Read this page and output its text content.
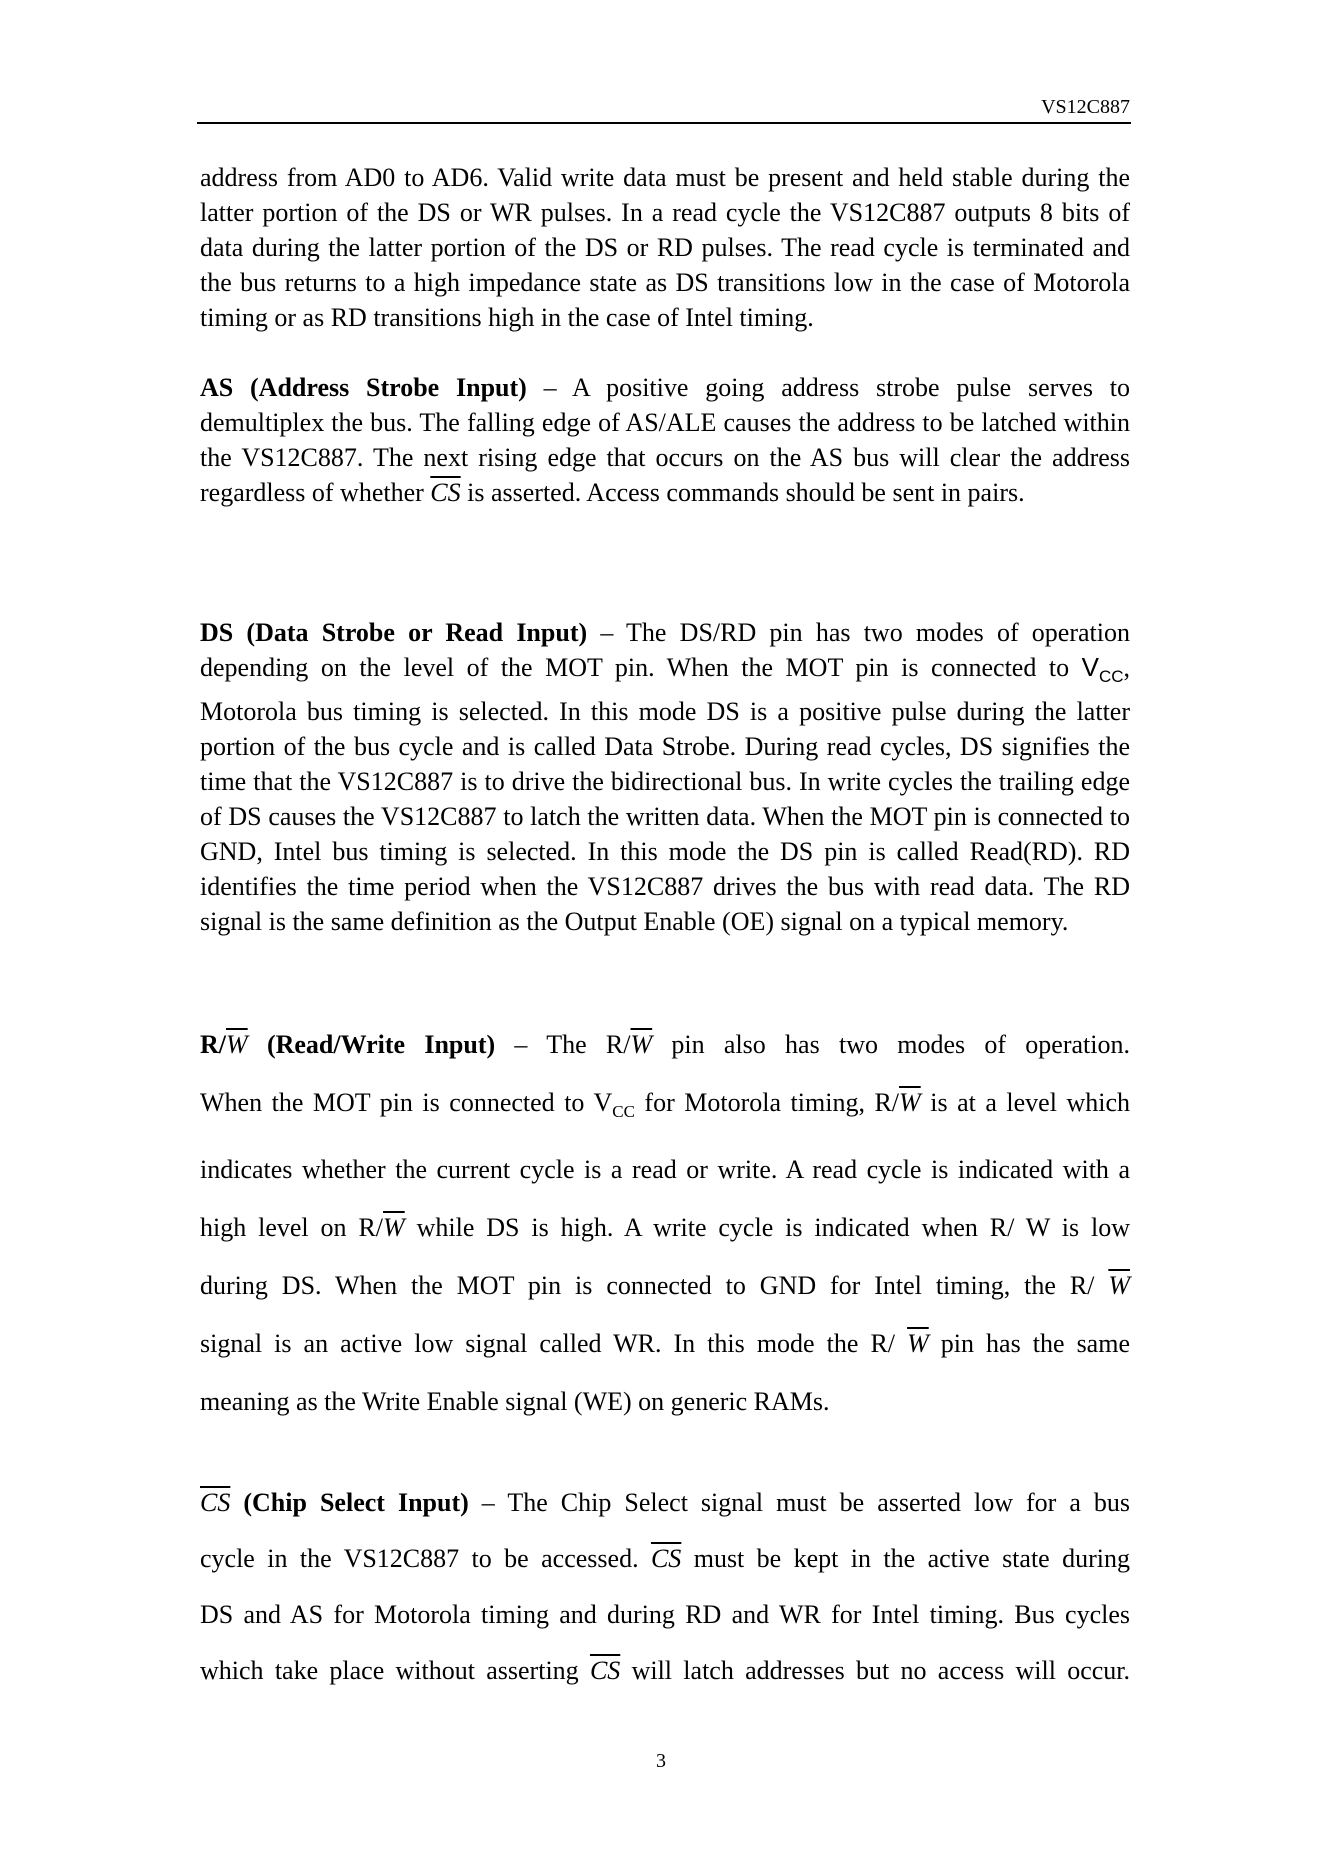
VS12C887
address from AD0 to AD6. Valid write data must be present and held stable during the latter portion of the DS or WR pulses. In a read cycle the VS12C887 outputs 8 bits of data during the latter portion of the DS or RD pulses. The read cycle is terminated and the bus returns to a high impedance state as DS transitions low in the case of Motorola timing or as RD transitions high in the case of Intel timing.
AS (Address Strobe Input) – A positive going address strobe pulse serves to demultiplex the bus. The falling edge of AS/ALE causes the address to be latched within the VS12C887. The next rising edge that occurs on the AS bus will clear the address regardless of whether $\overline{CS}$ is asserted. Access commands should be sent in pairs.
DS (Data Strobe or Read Input) – The DS/RD pin has two modes of operation depending on the level of the MOT pin. When the MOT pin is connected to $V_{CC}$, Motorola bus timing is selected. In this mode DS is a positive pulse during the latter portion of the bus cycle and is called Data Strobe. During read cycles, DS signifies the time that the VS12C887 is to drive the bidirectional bus. In write cycles the trailing edge of DS causes the VS12C887 to latch the written data. When the MOT pin is connected to GND, Intel bus timing is selected. In this mode the DS pin is called Read(RD). RD identifies the time period when the VS12C887 drives the bus with read data. The RD signal is the same definition as the Output Enable (OE) signal on a typical memory.
$R/\overline{W}$ (Read/Write Input) – The $R/\overline{W}$ pin also has two modes of operation.
When the MOT pin is connected to $V_{CC}$ for Motorola timing, $R/\overline{W}$ is at a level which
indicates whether the current cycle is a read or write. A read cycle is indicated with a
high level on $R/\overline{W}$ while DS is high. A write cycle is indicated when R/ W is low
during DS. When the MOT pin is connected to GND for Intel timing, the R/ $\overline{W}$
signal is an active low signal called WR. In this mode the R/ $\overline{W}$ pin has the same
meaning as the Write Enable signal (WE) on generic RAMs.
$\overline{CS}$ (Chip Select Input) – The Chip Select signal must be asserted low for a bus
cycle in the VS12C887 to be accessed. $\overline{CS}$ must be kept in the active state during
DS and AS for Motorola timing and during RD and WR for Intel timing. Bus cycles
which take place without asserting $\overline{CS}$ will latch addresses but no access will occur.
3
